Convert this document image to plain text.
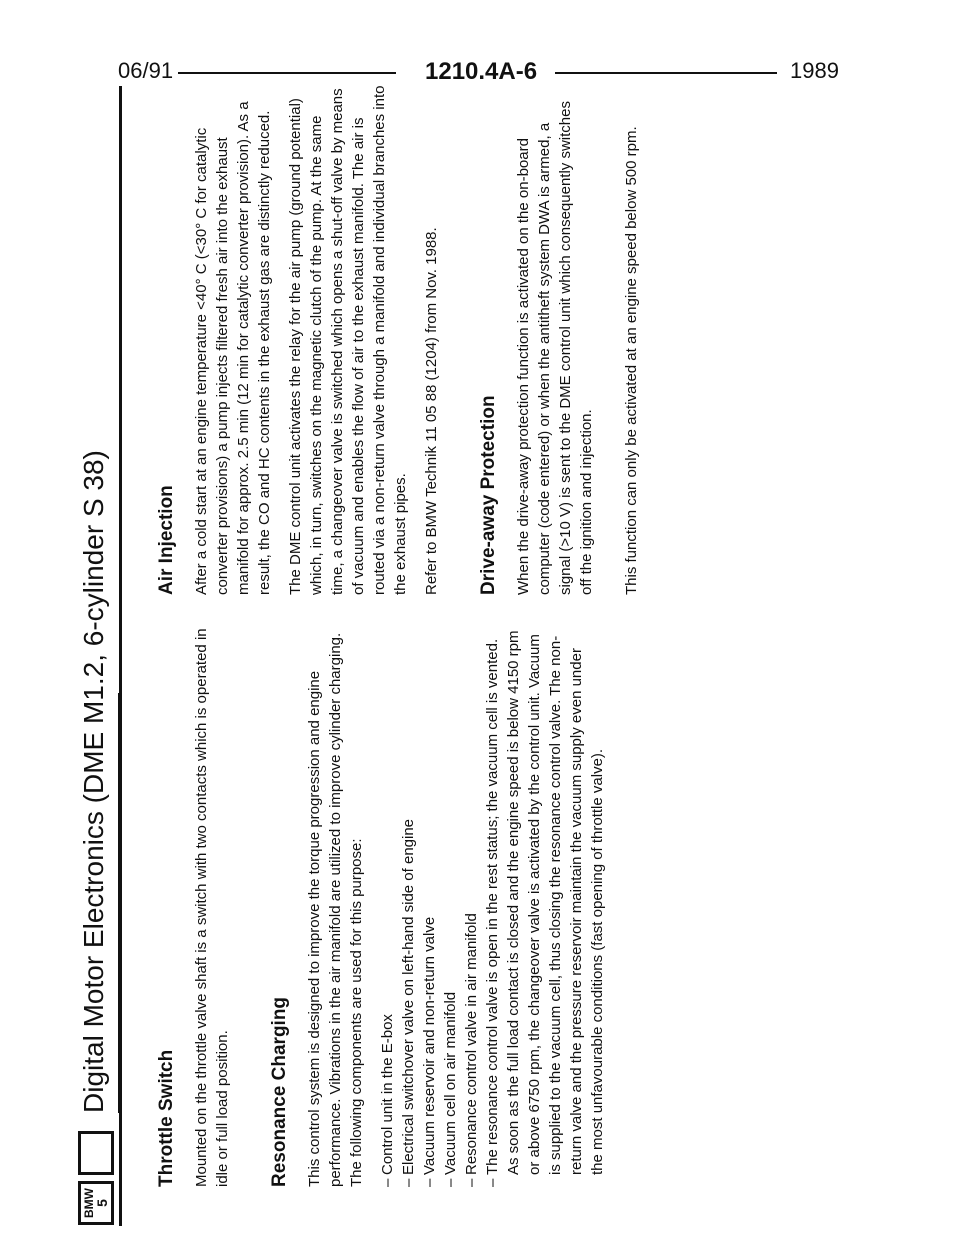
06/91	1210.4A-6	1989
BMW
5
Digital Motor Electronics (DME M1.2, 6-cylinder S 38)
Throttle Switch Mounted on the throttle valve shaft is a switch with two contacts which is operated in idle or full load position. Resonance Charging This control system is designed to improve the torque progression and engine performance. Vibrations in the air manifold are utilized to improve cylinder charging. The following components are used for this purpose: – Control unit in the E-box – Electrical switchover valve on left-hand side of engine – Vacuum reservoir and non-return valve – Vacuum cell on air manifold – Resonance control valve in air manifold – The resonance control valve is open in the rest status; the vacuum cell is vented. As soon as the full load contact is closed and the engine speed is below 4150 rpm or above 6750 rpm, the changeover valve is activated by the control unit. Vacuum is supplied to the vacuum cell, thus closing the resonance control valve. The non-return valve and the pressure reservoir maintain the vacuum supply even under the most unfavourable conditions (fast opening of throttle valve).
Air Injection After a cold start at an engine temperature <40° C (<30° C for catalytic converter provisions) a pump injects filtered fresh air into the exhaust manifold for approx. 2.5 min (12 min for catalytic converter provision). As a result, the CO and HC contents in the exhaust gas are distinctly reduced. The DME control unit activates the relay for the air pump (ground potential) which, in turn, switches on the magnetic clutch of the pump. At the same time, a changeover valve is switched which opens a shut-off valve by means of vacuum and enables the flow of air to the exhaust manifold. The air is routed via a non-return valve through a manifold and individual branches into the exhaust pipes. Refer to BMW Technik 11 05 88 (1204) from Nov. 1988. Drive-away Protection When the drive-away protection function is activated on the on-board computer (code entered) or when the antitheft system DWA is armed, a signal (>10 V) is sent to the DME control unit which consequently switches off the ignition and injection. This function can only be activated at an engine speed below 500 rpm.
